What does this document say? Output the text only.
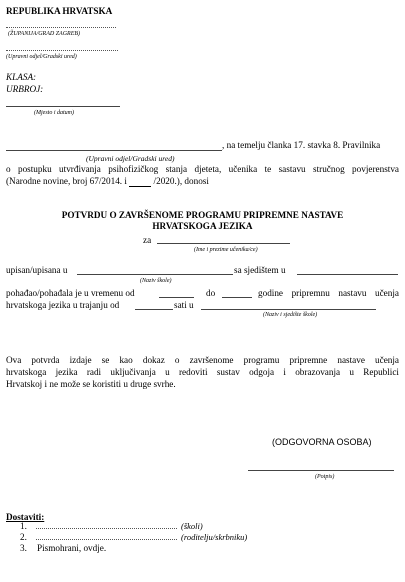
REPUBLIKA HRVATSKA
(ŽUPANIJA/GRAD ZAGREB)
(Upravni odjel/Gradski ured)
KLASA:
URBROJ:
(Mjesto i datum)
, na temelju članka 17. stavka 8. Pravilnika
(Upravni odjel/Gradski ured)
o postupku utvrđivanja psihofizičkog stanja djeteta, učenika te sastavu stručnog povjerenstva
(Narodne novine, broj 67/2014. i	/2020.), donosi
POTVRDU O ZAVRŠENOME PROGRAMU PRIPREMNE NASTAVE
HRVATSKOGA JEZIKA
za
(Ime i prezime učenika/ce)
upisan/upisana u	sa sjedištem u
(Naziv škole)
pohađao/pohađala je u vremenu od	do	godine pripremnu nastavu učenja
hrvatskoga jezika u trajanju od	sati u
(Naziv i sjedište škole)
Ova potvrda izdaje se kao dokaz o završenome programu pripremne nastave učenja
hrvatskoga jezika radi uključivanja u redoviti sustav odgoja i obrazovanja u Republici
Hrvatskoj i ne može se koristiti u druge svrhe.
(ODGOVORNA OSOBA)
(Potpis)
Dostaviti:
1.	(školi)
2.	(roditelju/skrbniku)
3. Pismohrani, ovdje.
